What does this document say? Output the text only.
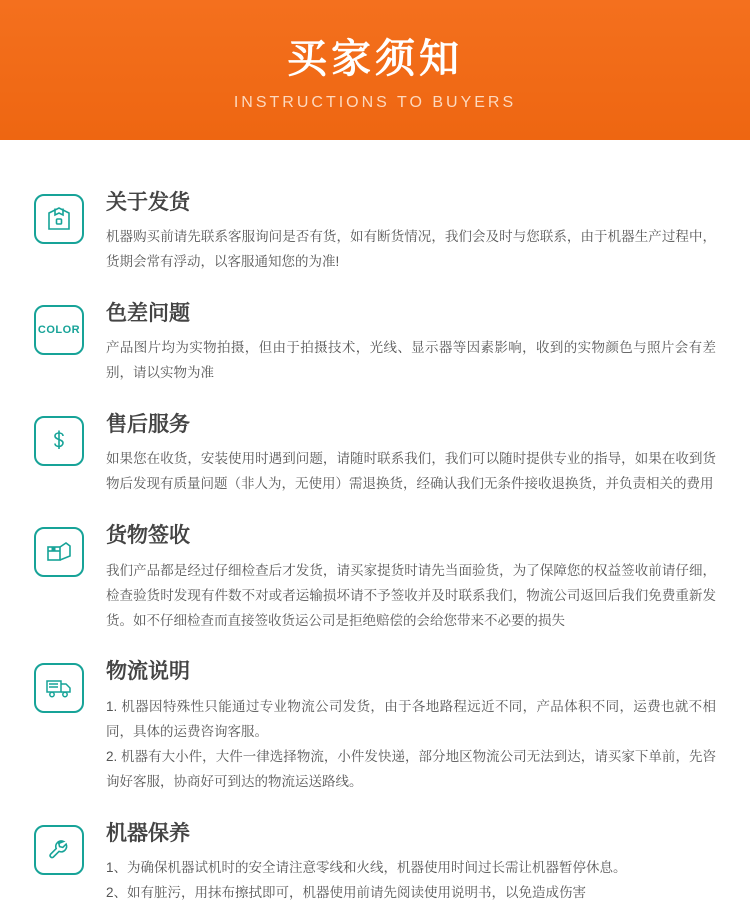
买家须知
INSTRUCTIONS TO BUYERS
关于发货

机器购买前请先联系客服询问是否有货，如有断货情况，我们会及时与您联系，由于机器生产过程中，货期会常有浮动，以客服通知您的为准!

COLOR
色差问题

产品图片均为实物拍摄，但由于拍摄技术，光线、显示器等因素影响，收到的实物颜色与照片会有差别，请以实物为准

售后服务

如果您在收货，安装使用时遇到问题，请随时联系我们，我们可以随时提供专业的指导，如果在收到货物后发现有质量问题（非人为，无使用）需退换货，经确认我们无条件接收退换货，并负责相关的费用

货物签收

我们产品都是经过仔细检查后才发货，请买家提货时请先当面验货，为了保障您的权益签收前请仔细，检查验货时发现有件数不对或者运输损坏请不予签收并及时联系我们，物流公司返回后我们免费重新发货。如不仔细检查而直接签收货运公司是拒绝赔偿的会给您带来不必要的损失

物流说明
1. 机器因特殊性只能通过专业物流公司发货，由于各地路程远近不同，产品体积不同，运费也就不相同，具体的运费咨询客服。
2. 机器有大小件，大件一律选择物流，小件发快递，部分地区物流公司无法到达，请买家下单前，先咨询好客服，协商好可到达的物流运送路线。
机器保养
1、为确保机器试机时的安全请注意零线和火线，机器使用时间过长需让机器暂停休息。
2、如有脏污，用抹布擦拭即可，机器使用前请先阅读使用说明书，以免造成伤害
